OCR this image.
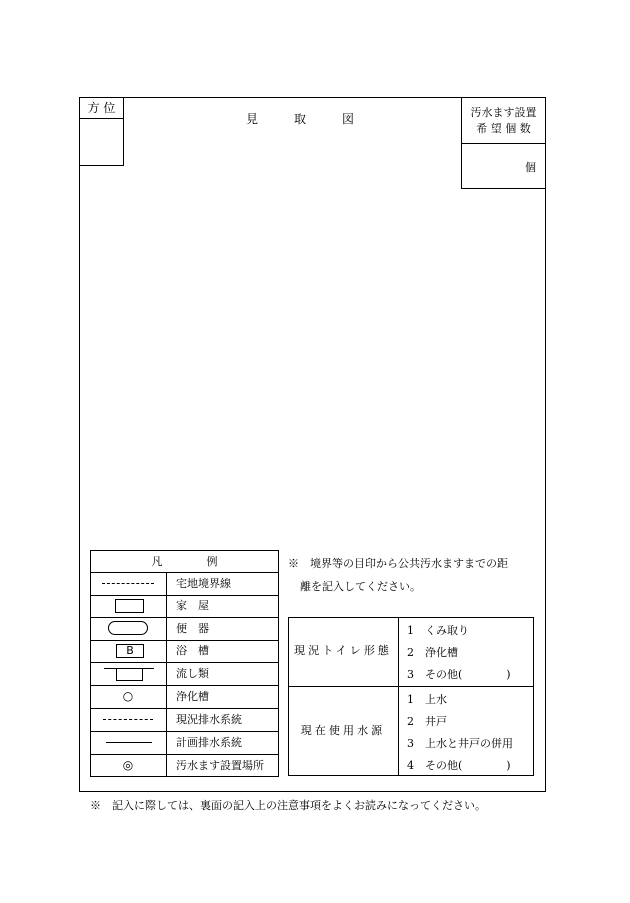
方 位
見　　　取　　　図	汚水ます設置
希 望 個 数
個
凡　　　　例
B
○
◎
宅地境界線
家　屋
便　器
浴　槽
流し類
浄化槽
現況排水系統
計画排水系統
汚水ます設置場所
※　境界等の目印から公共汚水ますまでの距
離を記入してください。
現況トイレ形態
1　くみ取り
2　浄化槽
3　その他(　　　　)
現在使用水源
1　上水
2　井戸
3　上水と井戸の併用
4　その他(　　　　)
※　記入に際しては、裏面の記入上の注意事項をよくお読みになってください。
